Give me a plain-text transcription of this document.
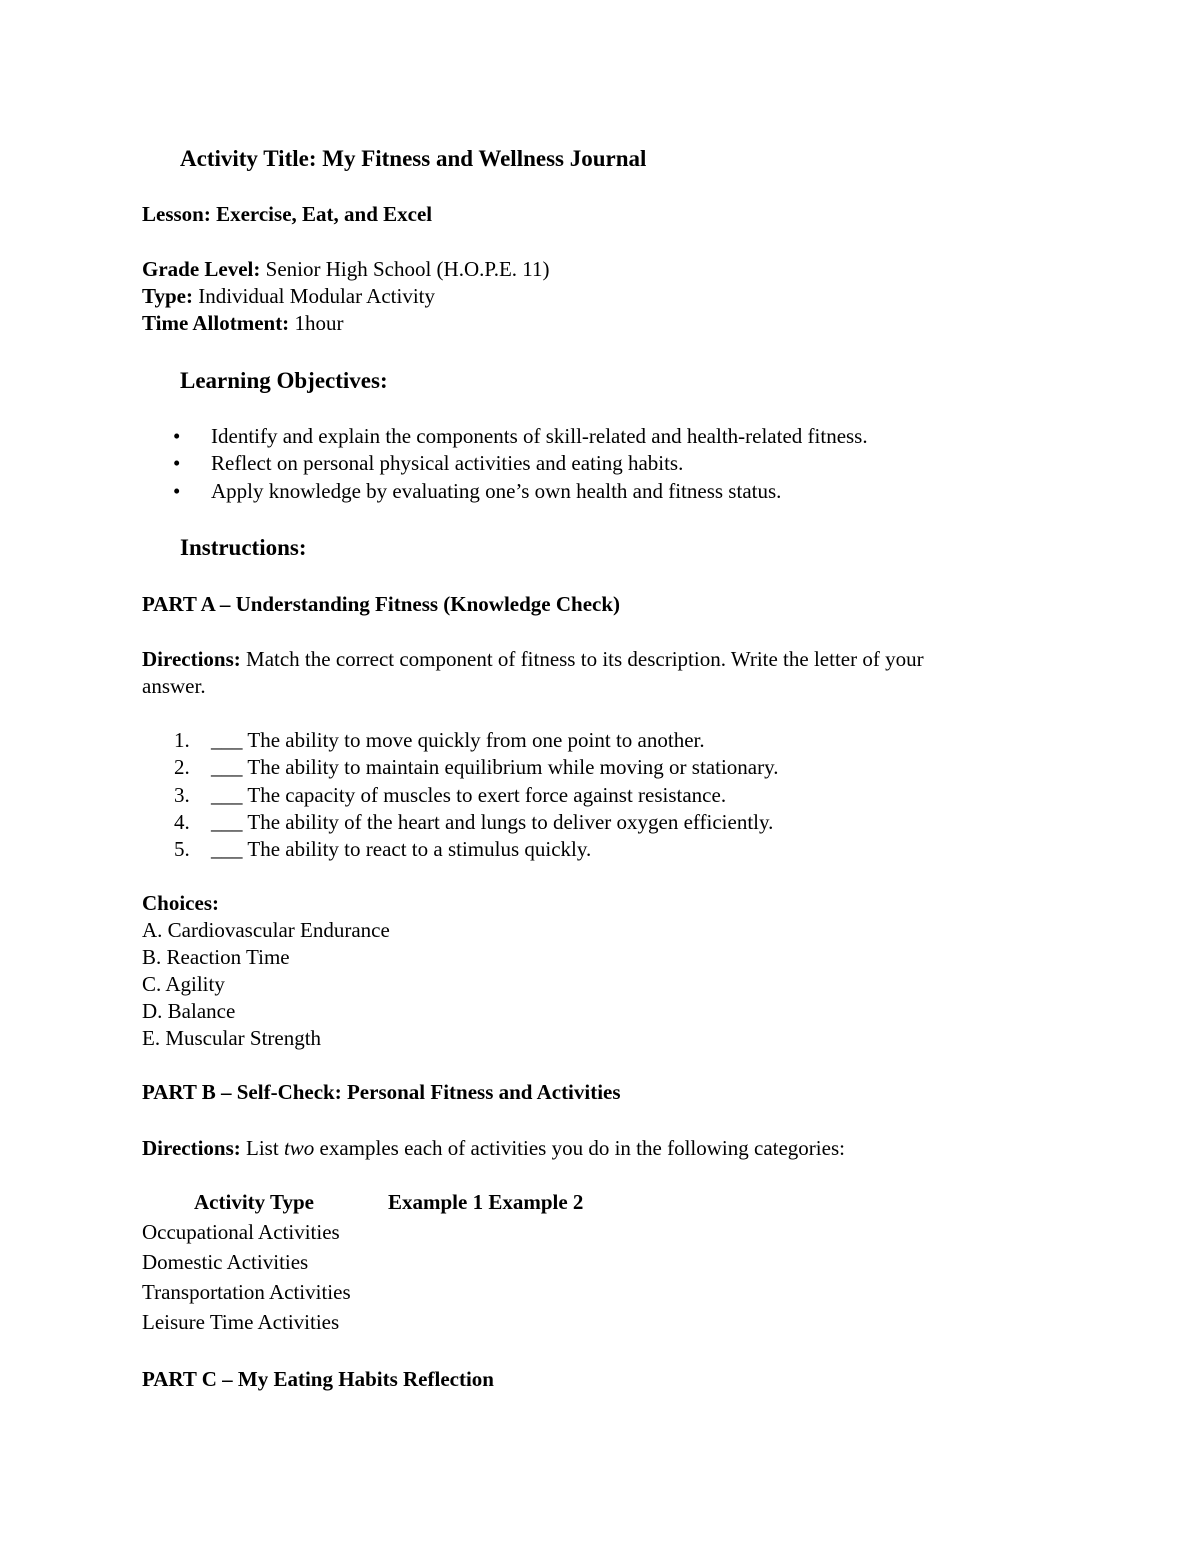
Activity Title: My Fitness and Wellness Journal
Lesson: Exercise, Eat, and Excel
Grade Level: Senior High School (H.O.P.E. 11)
Type: Individual Modular Activity
Time Allotment: 1hour
Learning Objectives:
• Identify and explain the components of skill-related and health-related fitness.
• Reflect on personal physical activities and eating habits.
• Apply knowledge by evaluating one’s own health and fitness status.
Instructions:
PART A – Understanding Fitness (Knowledge Check)
Directions: Match the correct component of fitness to its description. Write the letter of your
answer.
1. ___ The ability to move quickly from one point to another.
2. ___ The ability to maintain equilibrium while moving or stationary.
3. ___ The capacity of muscles to exert force against resistance.
4. ___ The ability of the heart and lungs to deliver oxygen efficiently.
5. ___ The ability to react to a stimulus quickly.
Choices:
A. Cardiovascular Endurance
B. Reaction Time
C. Agility
D. Balance
E. Muscular Strength
PART B – Self-Check: Personal Fitness and Activities
Directions: List two examples each of activities you do in the following categories:
Activity Type	Example 1 Example 2
Occupational Activities
Domestic Activities
Transportation Activities
Leisure Time Activities
PART C – My Eating Habits Reflection
